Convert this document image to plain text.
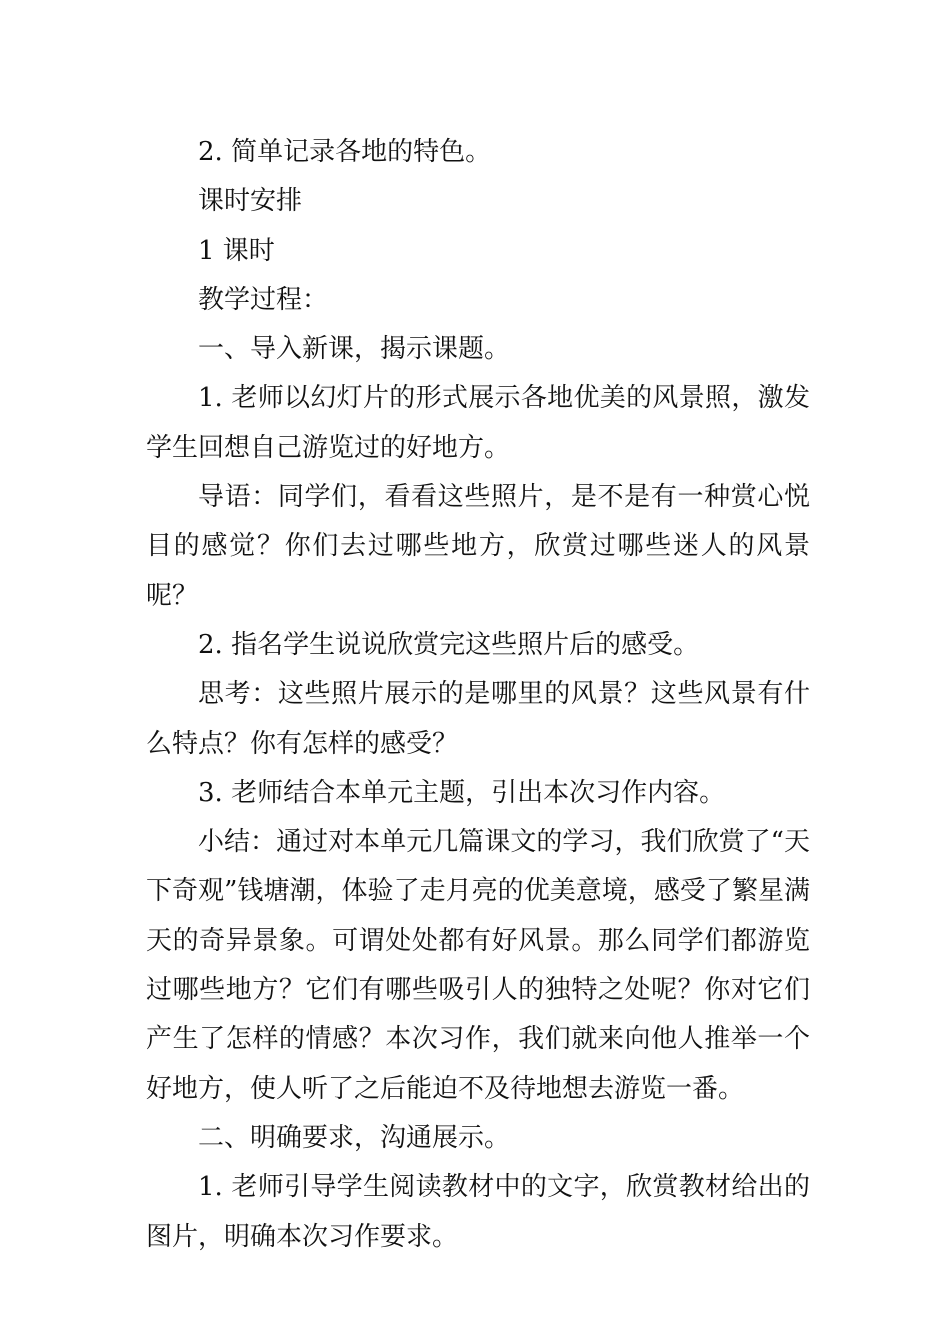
2. 简单记录各地的特色。

课时安排

1 课时

教学过程：

一、导入新课，揭示课题。

1. 老师以幻灯片的形式展示各地优美的风景照，激发学生回想自己游览过的好地方。

导语：同学们，看看这些照片，是不是有一种赏心悦目的感觉？你们去过哪些地方，欣赏过哪些迷人的风景呢？

2. 指名学生说说欣赏完这些照片后的感受。

思考：这些照片展示的是哪里的风景？这些风景有什么特点？你有怎样的感受？

3. 老师结合本单元主题，引出本次习作内容。

小结：通过对本单元几篇课文的学习，我们欣赏了“天下奇观”钱塘潮，体验了走月亮的优美意境，感受了繁星满天的奇异景象。可谓处处都有好风景。那么同学们都游览过哪些地方？它们有哪些吸引人的独特之处呢？你对它们产生了怎样的情感？本次习作，我们就来向他人推举一个好地方，使人听了之后能迫不及待地想去游览一番。

二、明确要求，沟通展示。

1. 老师引导学生阅读教材中的文字，欣赏教材给出的图片，明确本次习作要求。
